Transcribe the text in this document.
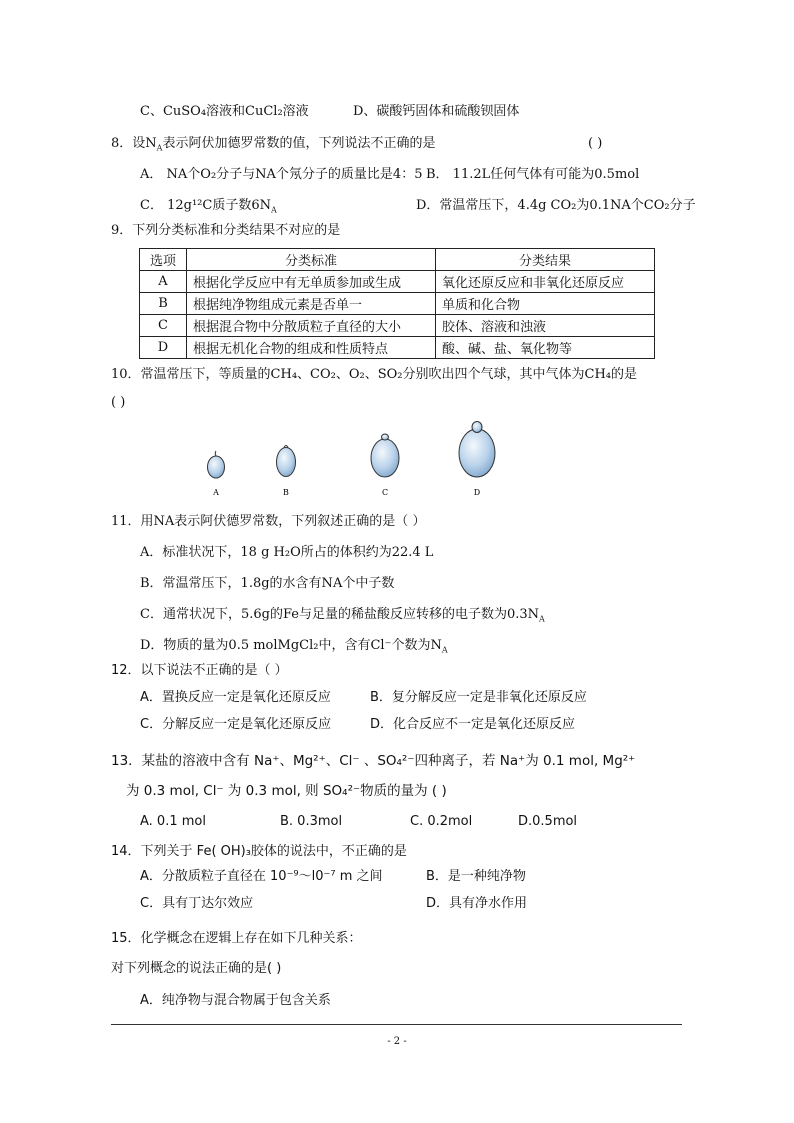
C、CuSO₄溶液和CuCl₂溶液	D、碳酸钙固体和硫酸钡固体
8．设$N_A$表示阿伏加德罗常数的值，下列说法不正确的是	( )
A． NA个O₂分子与NA个氖分子的质量比是4：5 B． 11.2L任何气体有可能为0.5mol
C． 12g¹²C质子数$6N_A$	D．常温常压下，4.4g CO₂为0.1NA个CO₂分子
9．下列分类标准和分类结果不对应的是
选项	分类标准	分类结果
A	根据化学反应中有无单质参加或生成	氧化还原反应和非氧化还原反应
B	根据纯净物组成元素是否单一	单质和化合物
C	根据混合物中分散质粒子直径的大小	胶体、溶液和浊液
D	根据无机化合物的组成和性质特点	酸、碱、盐、氧化物等
10．常温常压下，等质量的CH₄、CO₂、O₂、SO₂分别吹出四个气球，其中气体为CH₄的是
( )
A	B	C	D
11．用NA表示阿伏德罗常数，下列叙述正确的是（ ）
A．标准状况下，18 g H₂O所占的体积约为22.4 L
B．常温常压下，1.8g的水含有NA个中子数
C．通常状况下，5.6g的Fe与足量的稀盐酸反应转移的电子数为$0.3N_A$
D．物质的量为0.5 molMgCl₂中，含有Cl⁻个数为$N_A$
12．以下说法不正确的是（ ）
A．置换反应一定是氧化还原反应	B．复分解反应一定是非氧化还原反应
C．分解反应一定是氧化还原反应	D．化合反应不一定是氧化还原反应
13．某盐的溶液中含有 Na⁺、Mg²⁺、Cl⁻ 、SO₄²⁻四种离子，若 Na⁺为 0.1 mol, Mg²⁺
为 0.3 mol, Cl⁻ 为 0.3 mol, 则 SO₄²⁻物质的量为 ( )
A. 0.1 mol	B. 0.3mol	C. 0.2mol	D.0.5mol
14．下列关于 Fe( OH)₃胶体的说法中，不正确的是
A．分散质粒子直径在 10⁻⁹～l0⁻⁷ m 之间	B．是一种纯净物
C．具有丁达尔效应	D．具有净水作用
15．化学概念在逻辑上存在如下几种关系：
对下列概念的说法正确的是( )
A．纯净物与混合物属于包含关系
- 2 -
